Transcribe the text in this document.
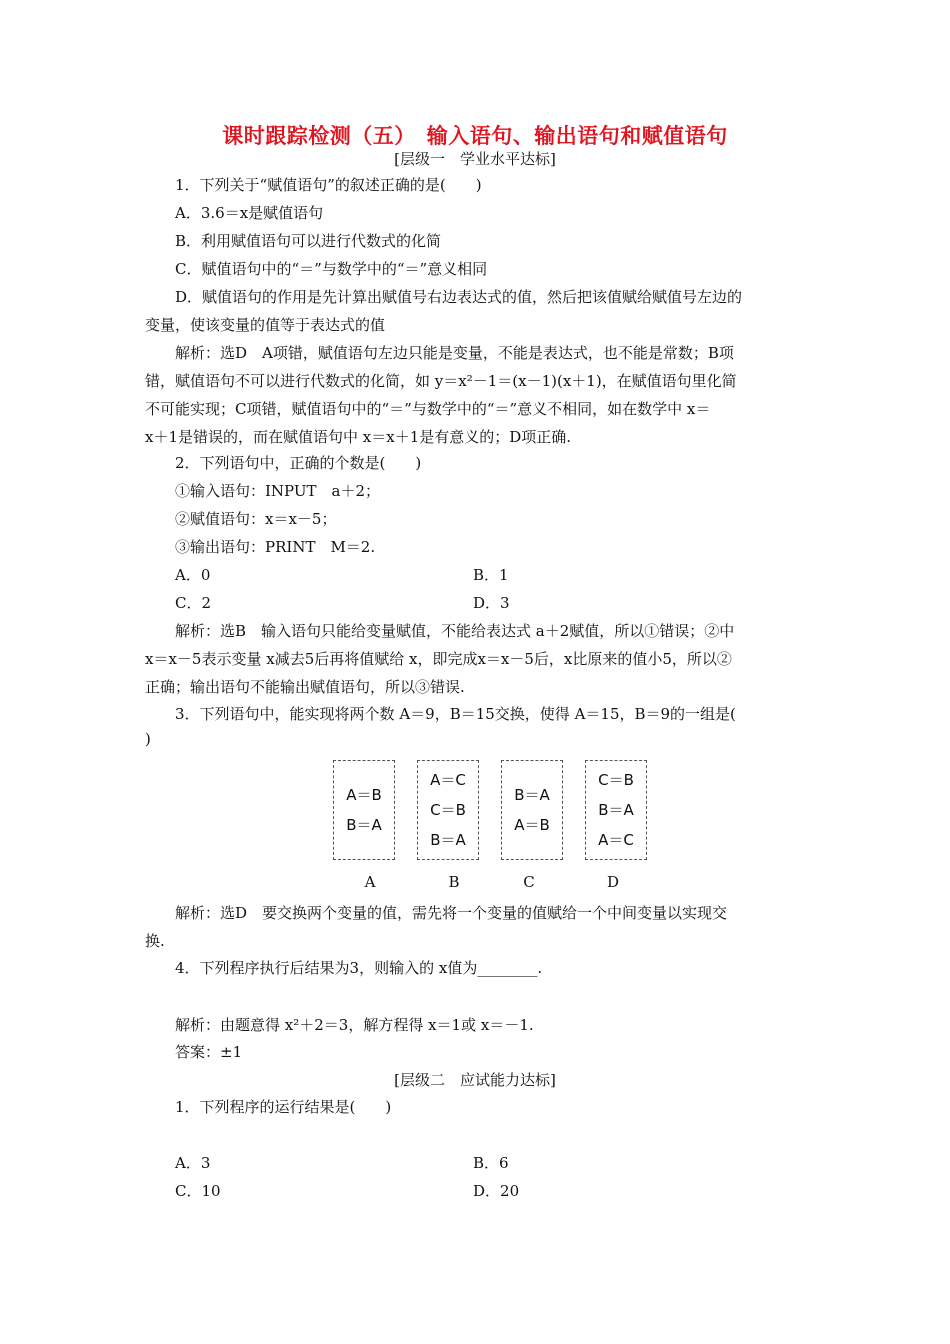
课时跟踪检测（五）　输入语句、输出语句和赋值语句
[层级一　学业水平达标]
1．下列关于“赋值语句”的叙述正确的是(　　)
A．3.6＝x是赋值语句
B．利用赋值语句可以进行代数式的化简
C．赋值语句中的“＝”与数学中的“＝”意义相同
D．赋值语句的作用是先计算出赋值号右边表达式的值，然后把该值赋给赋值号左边的
变量，使该变量的值等于表达式的值
解析：选D　A项错，赋值语句左边只能是变量，不能是表达式，也不能是常数；B项
错，赋值语句不可以进行代数式的化简，如 y＝x²－1＝(x－1)(x＋1)，在赋值语句里化简
不可能实现；C项错，赋值语句中的“＝”与数学中的“＝”意义不相同，如在数学中 x＝
x＋1是错误的，而在赋值语句中 x＝x＋1是有意义的；D项正确.
2．下列语句中，正确的个数是(　　)
①输入语句：INPUT　a＋2；
②赋值语句：x＝x－5；
③输出语句：PRINT　M＝2.
A．0	B．1
C．2	D．3
解析：选B　输入语句只能给变量赋值，不能给表达式 a＋2赋值，所以①错误；②中
x＝x－5表示变量 x减去5后再将值赋给 x，即完成x＝x－5后，x比原来的值小5，所以②
正确；输出语句不能输出赋值语句，所以③错误.
3．下列语句中，能实现将两个数 A＝9，B＝15交换，使得 A＝15，B＝9的一组是(
)
A＝B
B＝A
A＝C
C＝B
B＝A
B＝A
A＝B
C＝B
B＝A
A＝C
A	B	C	D
解析：选D　要交换两个变量的值，需先将一个变量的值赋给一个中间变量以实现交
换.
4．下列程序执行后结果为3，则输入的 x值为________.
解析：由题意得 x²＋2＝3，解方程得 x＝1或 x＝－1.
答案：±1
[层级二　应试能力达标]
1．下列程序的运行结果是(　　)
A．3	B．6
C．10	D．20
